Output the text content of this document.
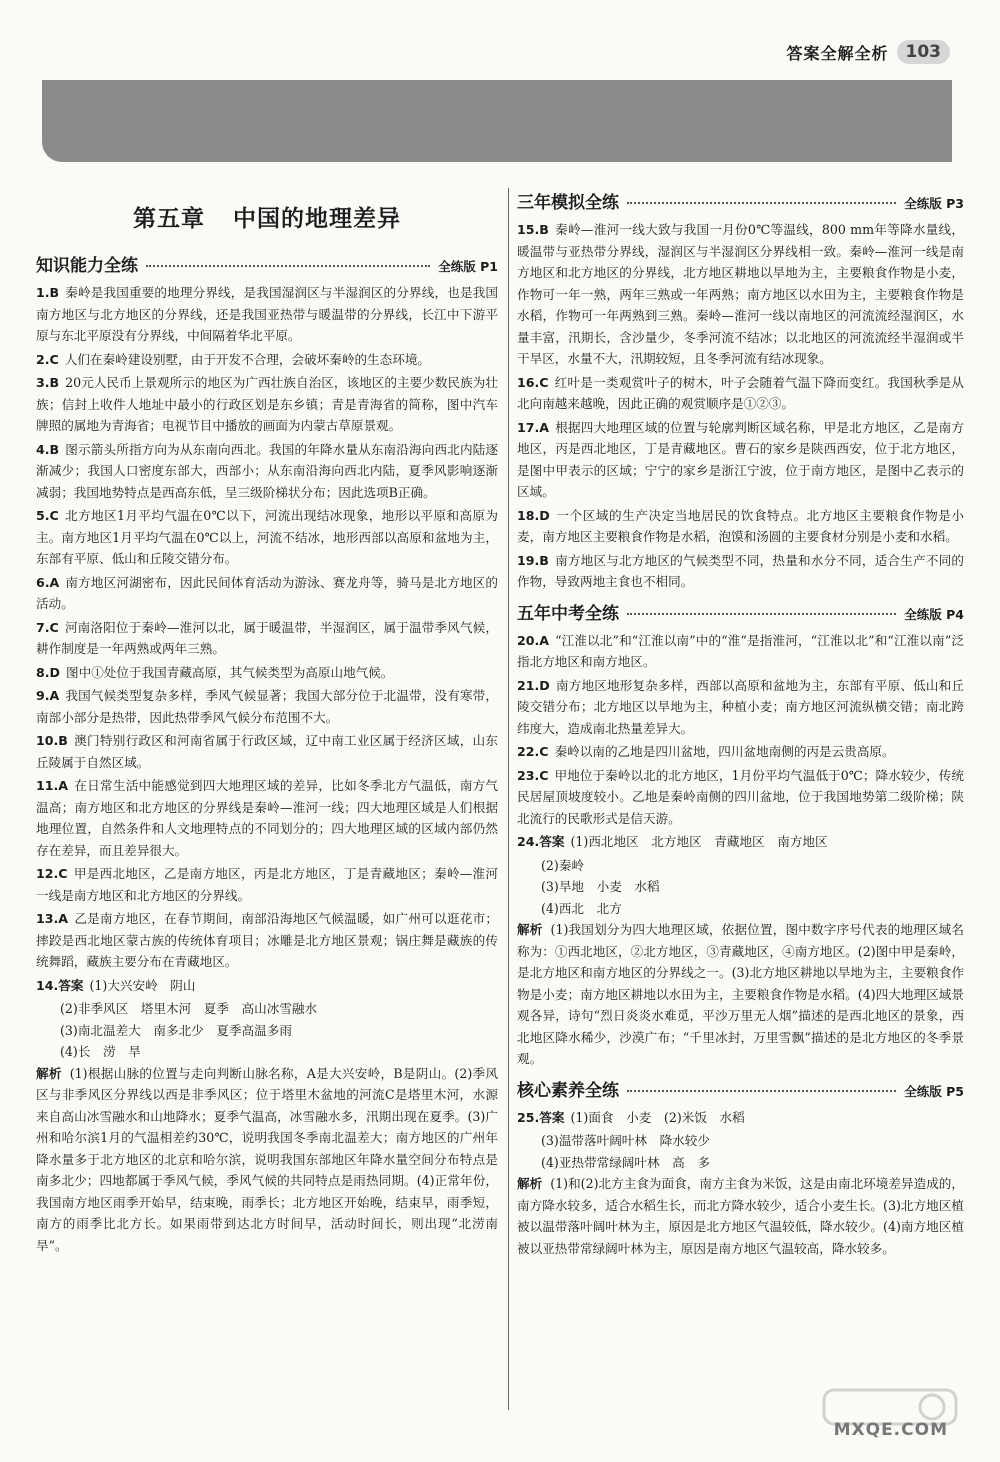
答案全解全析	103
第五章 中国的地理差异
知识能力全练	全练版 P1

1.B 秦岭是我国重要的地理分界线，是我国湿润区与半湿润区的分界线，也是我国南方地区与北方地区的分界线，还是我国亚热带与暖温带的分界线，长江中下游平原与东北平原没有分界线，中间隔着华北平原。

2.C 人们在秦岭建设别墅，由于开发不合理，会破坏秦岭的生态环境。

3.B 20元人民币上景观所示的地区为广西壮族自治区，该地区的主要少数民族为壮族；信封上收件人地址中最小的行政区划是东乡镇；青是青海省的简称，图中汽车牌照的属地为青海省；电视节目中播放的画面为内蒙古草原景观。

4.B 图示箭头所指方向为从东南向西北。我国的年降水量从东南沿海向西北内陆逐渐减少；我国人口密度东部大，西部小；从东南沿海向西北内陆，夏季风影响逐渐减弱；我国地势特点是西高东低，呈三级阶梯状分布；因此选项B正确。

5.C 北方地区1月平均气温在0℃以下，河流出现结冰现象，地形以平原和高原为主。南方地区1月平均气温在0℃以上，河流不结冰，地形西部以高原和盆地为主，东部有平原、低山和丘陵交错分布。

6.A 南方地区河湖密布，因此民间体育活动为游泳、赛龙舟等，骑马是北方地区的活动。

7.C 河南洛阳位于秦岭—淮河以北，属于暖温带，半湿润区，属于温带季风气候，耕作制度是一年两熟或两年三熟。

8.D 图中①处位于我国青藏高原，其气候类型为高原山地气候。

9.A 我国气候类型复杂多样，季风气候显著；我国大部分位于北温带，没有寒带，南部小部分是热带，因此热带季风气候分布范围不大。

10.B 澳门特别行政区和河南省属于行政区域，辽中南工业区属于经济区域，山东丘陵属于自然区域。

11.A 在日常生活中能感觉到四大地理区域的差异，比如冬季北方气温低，南方气温高；南方地区和北方地区的分界线是秦岭—淮河一线；四大地理区域是人们根据地理位置，自然条件和人文地理特点的不同划分的；四大地理区域的区域内部仍然存在差异，而且差异很大。

12.C 甲是西北地区，乙是南方地区，丙是北方地区，丁是青藏地区；秦岭—淮河一线是南方地区和北方地区的分界线。

13.A 乙是南方地区，在春节期间，南部沿海地区气候温暖，如广州可以逛花市；摔跤是西北地区蒙古族的传统体育项目；冰雕是北方地区景观；锅庄舞是藏族的传统舞蹈，藏族主要分布在青藏地区。

14.答案 (1)大兴安岭　阴山

(2)非季风区　塔里木河　夏季　高山冰雪融水

(3)南北温差大　南多北少　夏季高温多雨

(4)长　涝　旱

解析 (1)根据山脉的位置与走向判断山脉名称，A是大兴安岭，B是阴山。(2)季风区与非季风区分界线以西是非季风区；位于塔里木盆地的河流C是塔里木河，水源来自高山冰雪融水和山地降水；夏季气温高，冰雪融水多，汛期出现在夏季。(3)广州和哈尔滨1月的气温相差约30℃，说明我国冬季南北温差大；南方地区的广州年降水量多于北方地区的北京和哈尔滨，说明我国东部地区年降水量空间分布特点是南多北少；四地都属于季风气候，季风气候的共同特点是雨热同期。(4)正常年份，我国南方地区雨季开始早，结束晚，雨季长；北方地区开始晚，结束早，雨季短，南方的雨季比北方长。如果雨带到达北方时间早，活动时间长，则出现“北涝南旱”。

三年模拟全练	全练版 P3

15.B 秦岭—淮河一线大致与我国一月份0℃等温线，800 mm年等降水量线，暖温带与亚热带分界线，湿润区与半湿润区分界线相一致。秦岭—淮河一线是南方地区和北方地区的分界线，北方地区耕地以旱地为主，主要粮食作物是小麦，作物可一年一熟，两年三熟或一年两熟；南方地区以水田为主，主要粮食作物是水稻，作物可一年两熟到三熟。秦岭—淮河一线以南地区的河流流经湿润区，水量丰富，汛期长，含沙量少，冬季河流不结冰；以北地区的河流流经半湿润或半干旱区，水量不大，汛期较短，且冬季河流有结冰现象。

16.C 红叶是一类观赏叶子的树木，叶子会随着气温下降而变红。我国秋季是从北向南越来越晚，因此正确的观赏顺序是①②③。

17.A 根据四大地理区域的位置与轮廓判断区域名称，甲是北方地区，乙是南方地区，丙是西北地区，丁是青藏地区。曹石的家乡是陕西西安，位于北方地区，是图中甲表示的区域；宁宁的家乡是浙江宁波，位于南方地区，是图中乙表示的区域。

18.D 一个区域的生产决定当地居民的饮食特点。北方地区主要粮食作物是小麦，南方地区主要粮食作物是水稻，泡馍和汤圆的主要食材分别是小麦和水稻。

19.B 南方地区与北方地区的气候类型不同，热量和水分不同，适合生产不同的作物，导致两地主食也不相同。

五年中考全练	全练版 P4

20.A “江淮以北”和“江淮以南”中的“淮”是指淮河，“江淮以北”和“江淮以南”泛指北方地区和南方地区。

21.D 南方地区地形复杂多样，西部以高原和盆地为主，东部有平原、低山和丘陵交错分布；北方地区以旱地为主，种植小麦；南方地区河流纵横交错；南北跨纬度大，造成南北热量差异大。

22.C 秦岭以南的乙地是四川盆地，四川盆地南侧的丙是云贵高原。

23.C 甲地位于秦岭以北的北方地区，1月份平均气温低于0℃；降水较少，传统民居屋顶坡度较小。乙地是秦岭南侧的四川盆地，位于我国地势第二级阶梯；陕北流行的民歌形式是信天游。

24.答案 (1)西北地区　北方地区　青藏地区　南方地区

(2)秦岭

(3)旱地　小麦　水稻

(4)西北　北方

解析 (1)我国划分为四大地理区域，依据位置，图中数字序号代表的地理区域名称为：①西北地区，②北方地区，③青藏地区，④南方地区。(2)图中甲是秦岭，是北方地区和南方地区的分界线之一。(3)北方地区耕地以旱地为主，主要粮食作物是小麦；南方地区耕地以水田为主，主要粮食作物是水稻。(4)四大地理区域景观各异，诗句“烈日炎炎水难觅，平沙万里无人烟”描述的是西北地区的景象，西北地区降水稀少，沙漠广布；“千里冰封，万里雪飘”描述的是北方地区的冬季景观。

核心素养全练	全练版 P5

25.答案 (1)面食　小麦　(2)米饭　水稻

(3)温带落叶阔叶林　降水较少

(4)亚热带常绿阔叶林　高　多

解析 (1)和(2)北方主食为面食，南方主食为米饭，这是由南北环境差异造成的，南方降水较多，适合水稻生长，而北方降水较少，适合小麦生长。(3)北方地区植被以温带落叶阔叶林为主，原因是北方地区气温较低，降水较少。(4)南方地区植被以亚热带常绿阔叶林为主，原因是南方地区气温较高，降水较多。

MXQE.COM
